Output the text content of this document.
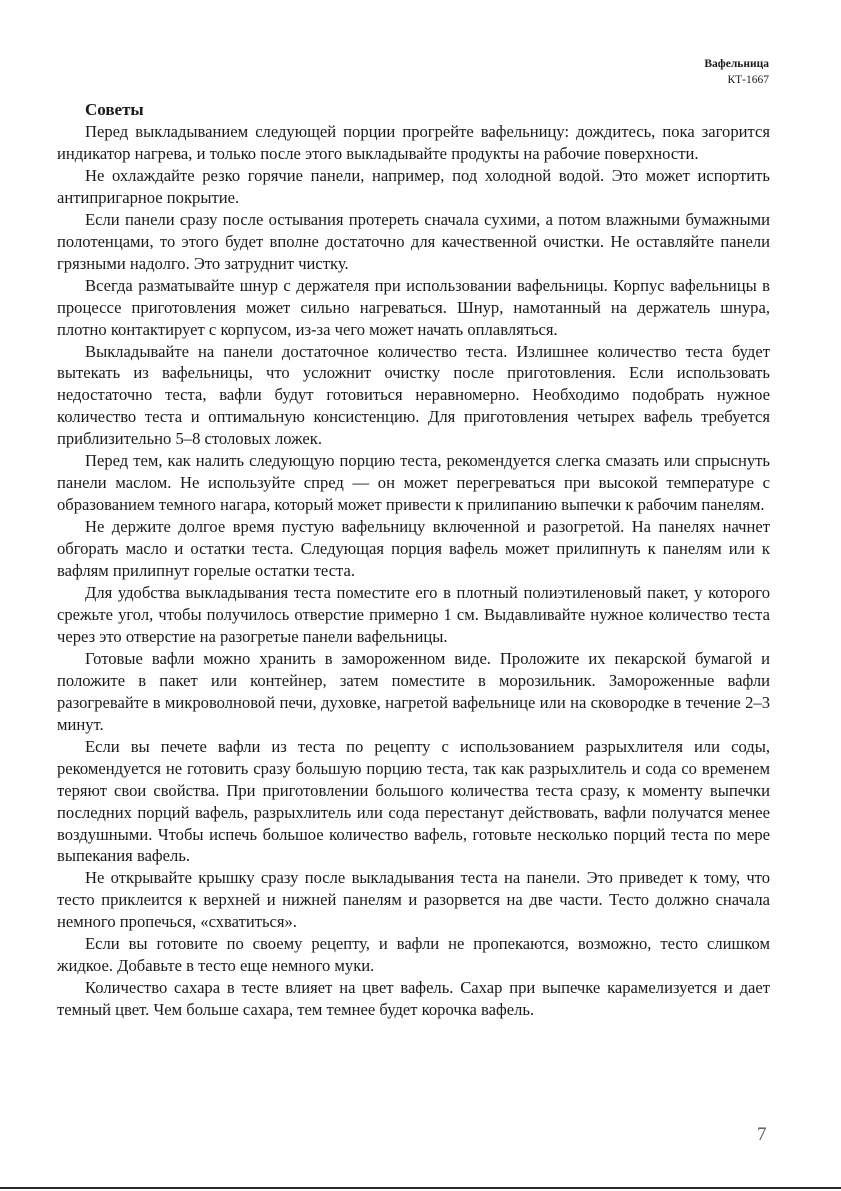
Вафельница
КТ-1667
Советы

Перед выкладыванием следующей порции прогрейте вафельницу: дождитесь, пока загорится индикатор нагрева, и только после этого выкладывайте продукты на рабочие поверхности.

Не охлаждайте резко горячие панели, например, под холодной водой. Это может испортить антипригарное покрытие.

Если панели сразу после остывания протереть сначала сухими, а потом влажными бумажными полотенцами, то этого будет вполне достаточно для качественной очистки. Не оставляйте панели грязными надолго. Это затруднит чистку.

Всегда разматывайте шнур с держателя при использовании вафельницы. Корпус вафельницы в процессе приготовления может сильно нагреваться. Шнур, намотанный на держатель шнура, плотно контактирует с корпусом, из-за чего может начать оплавляться.

Выкладывайте на панели достаточное количество теста. Излишнее количество теста будет вытекать из вафельницы, что усложнит очистку после приготовления. Если использовать недостаточно теста, вафли будут готовиться неравномерно. Необходимо подобрать нужное количество теста и оптимальную консистенцию. Для приготовления четырех вафель требуется приблизительно 5–8 столовых ложек.

Перед тем, как налить следующую порцию теста, рекомендуется слегка смазать или спрыснуть панели маслом. Не используйте спред — он может перегреваться при высокой температуре с образованием темного нагара, который может привести к прилипанию выпечки к рабочим панелям.

Не держите долгое время пустую вафельницу включенной и разогретой. На панелях начнет обгорать масло и остатки теста. Следующая порция вафель может прилипнуть к панелям или к вафлям прилипнут горелые остатки теста.

Для удобства выкладывания теста поместите его в плотный полиэтиленовый пакет, у которого срежьте угол, чтобы получилось отверстие примерно 1 см. Выдавливайте нужное количество теста через это отверстие на разогретые панели вафельницы.

Готовые вафли можно хранить в замороженном виде. Проложите их пекарской бумагой и положите в пакет или контейнер, затем поместите в морозильник. Замороженные вафли разогревайте в микроволновой печи, духовке, нагретой вафельнице или на сковородке в течение 2–3 минут.

Если вы печете вафли из теста по рецепту с использованием разрыхлителя или соды, рекомендуется не готовить сразу большую порцию теста, так как разрыхлитель и сода со временем теряют свои свойства. При приготовлении большого количества теста сразу, к моменту выпечки последних порций вафель, разрыхлитель или сода перестанут действовать, вафли получатся менее воздушными. Чтобы испечь большое количество вафель, готовьте несколько порций теста по мере выпекания вафель.

Не открывайте крышку сразу после выкладывания теста на панели. Это приведет к тому, что тесто приклеится к верхней и нижней панелям и разорвется на две части. Тесто должно сначала немного пропечься, «схватиться».

Если вы готовите по своему рецепту, и вафли не пропекаются, возможно, тесто слишком жидкое. Добавьте в тесто еще немного муки.

Количество сахара в тесте влияет на цвет вафель. Сахар при выпечке карамелизуется и дает темный цвет. Чем больше сахара, тем темнее будет корочка вафель.

7
